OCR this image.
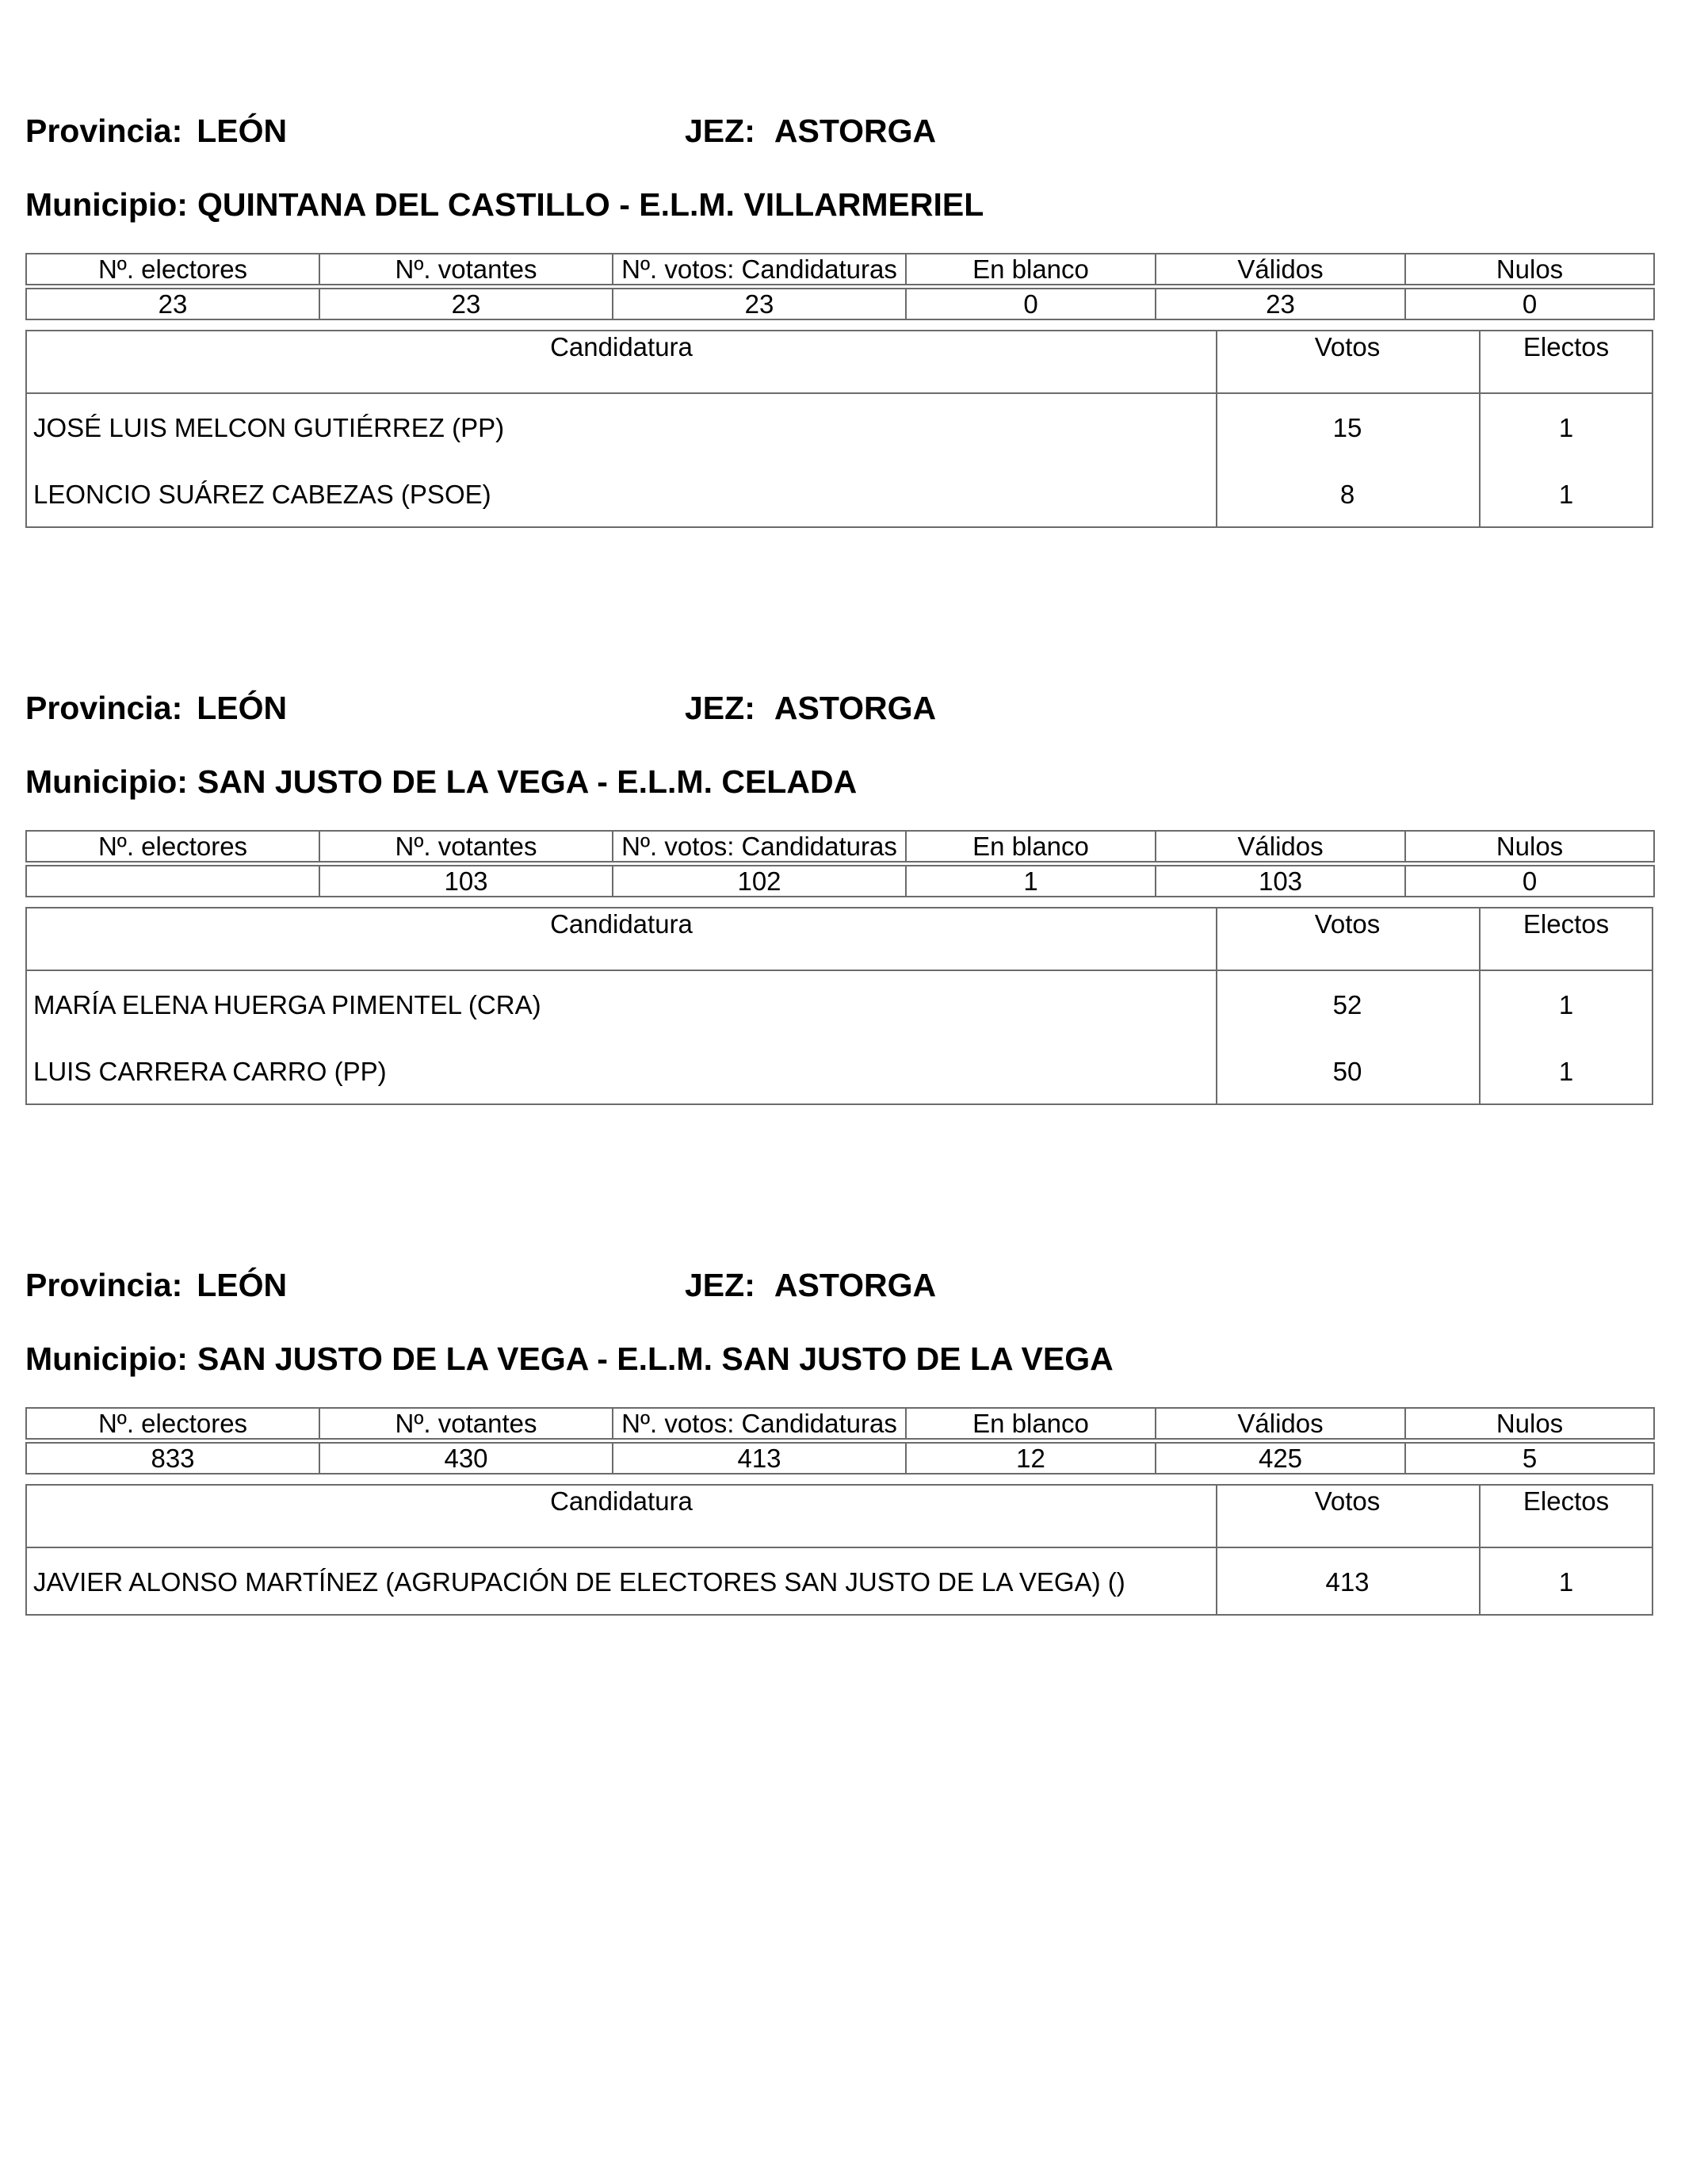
Provincia: LEÓN	JEZ: ASTORGA
Municipio: QUINTANA DEL CASTILLO - E.L.M. VILLARMERIEL
Nº. electores	Nº. votantes	Nº. votos: Candidaturas	En blanco	Válidos	Nulos

23	23	23	0	23	0
Candidatura	Votos	Electos
JOSÉ LUIS MELCON GUTIÉRREZ (PP)	15	1
LEONCIO SUÁREZ CABEZAS (PSOE)	8	1
Provincia: LEÓN	JEZ: ASTORGA
Municipio: SAN JUSTO DE LA VEGA - E.L.M. CELADA
Nº. electores	Nº. votantes	Nº. votos: Candidaturas	En blanco	Válidos	Nulos

	103	102	1	103	0
Candidatura	Votos	Electos
MARÍA ELENA HUERGA PIMENTEL (CRA)	52	1
LUIS CARRERA CARRO (PP)	50	1
Provincia: LEÓN	JEZ: ASTORGA
Municipio: SAN JUSTO DE LA VEGA - E.L.M. SAN JUSTO DE LA VEGA
Nº. electores	Nº. votantes	Nº. votos: Candidaturas	En blanco	Válidos	Nulos

833	430	413	12	425	5
Candidatura	Votos	Electos
JAVIER ALONSO MARTÍNEZ (AGRUPACIÓN DE ELECTORES SAN JUSTO DE LA VEGA) ()	413	1
